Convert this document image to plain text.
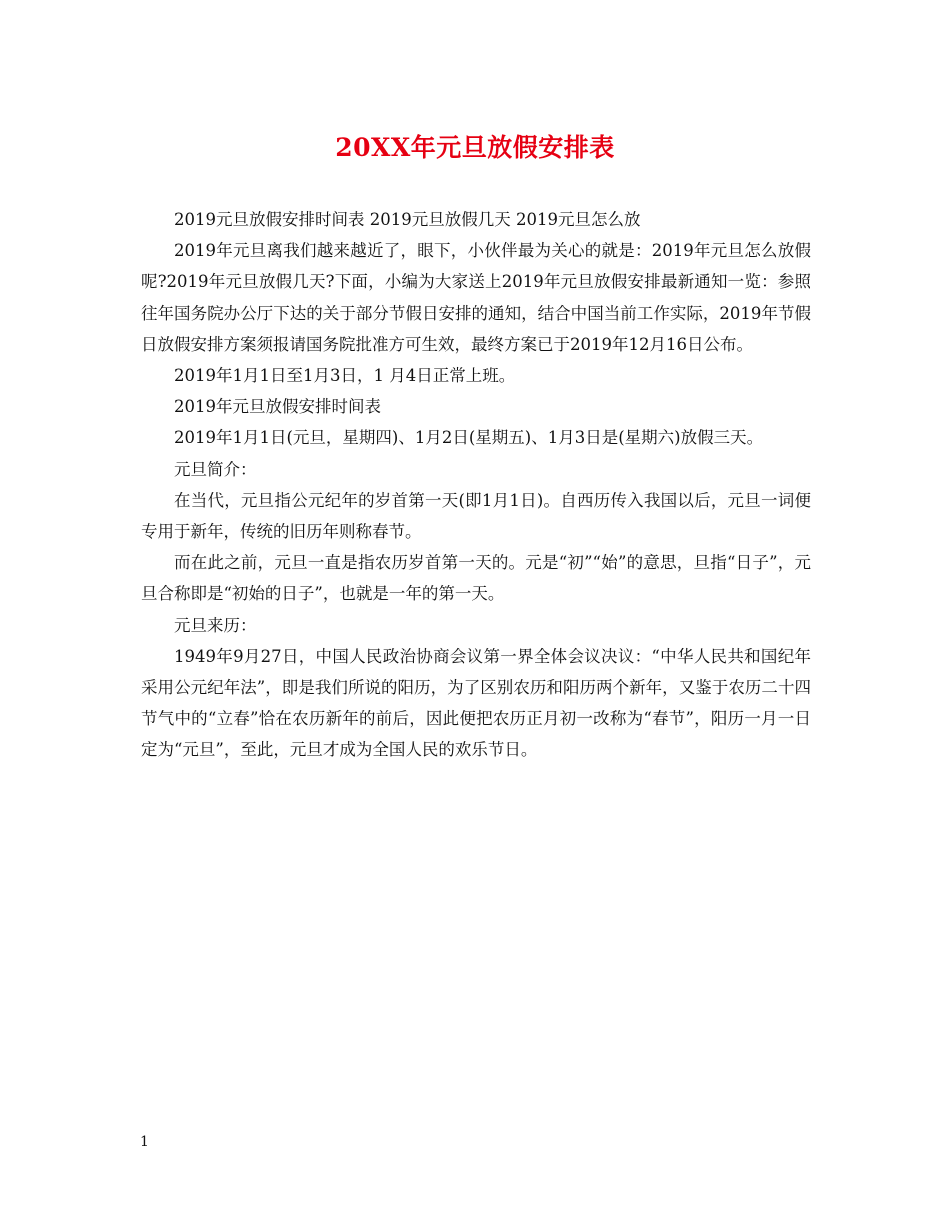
20XX年元旦放假安排表

2019元旦放假安排时间表 2019元旦放假几天 2019元旦怎么放

2019年元旦离我们越来越近了，眼下，小伙伴最为关心的就是：2019年元旦怎么放假呢?2019年元旦放假几天?下面，小编为大家送上2019年元旦放假安排最新通知一览：参照往年国务院办公厅下达的关于部分节假日安排的通知，结合中国当前工作实际，2019年节假日放假安排方案须报请国务院批准方可生效，最终方案已于2019年12月16日公布。

2019年1月1日至1月3日，1 月4日正常上班。

2019年元旦放假安排时间表

2019年1月1日(元旦，星期四)、1月2日(星期五)、1月3日是(星期六)放假三天。

元旦简介：

在当代，元旦指公元纪年的岁首第一天(即1月1日)。自西历传入我国以后，元旦一词便专用于新年，传统的旧历年则称春节。

而在此之前，元旦一直是指农历岁首第一天的。元是“初”“始”的意思，旦指“日子”，元旦合称即是“初始的日子”，也就是一年的第一天。

元旦来历：

1949年9月27日，中国人民政治协商会议第一界全体会议决议：“中华人民共和国纪年采用公元纪年法”，即是我们所说的阳历，为了区别农历和阳历两个新年，又鉴于农历二十四节气中的“立春”恰在农历新年的前后，因此便把农历正月初一改称为“春节”，阳历一月一日定为“元旦”，至此，元旦才成为全国人民的欢乐节日。

1
